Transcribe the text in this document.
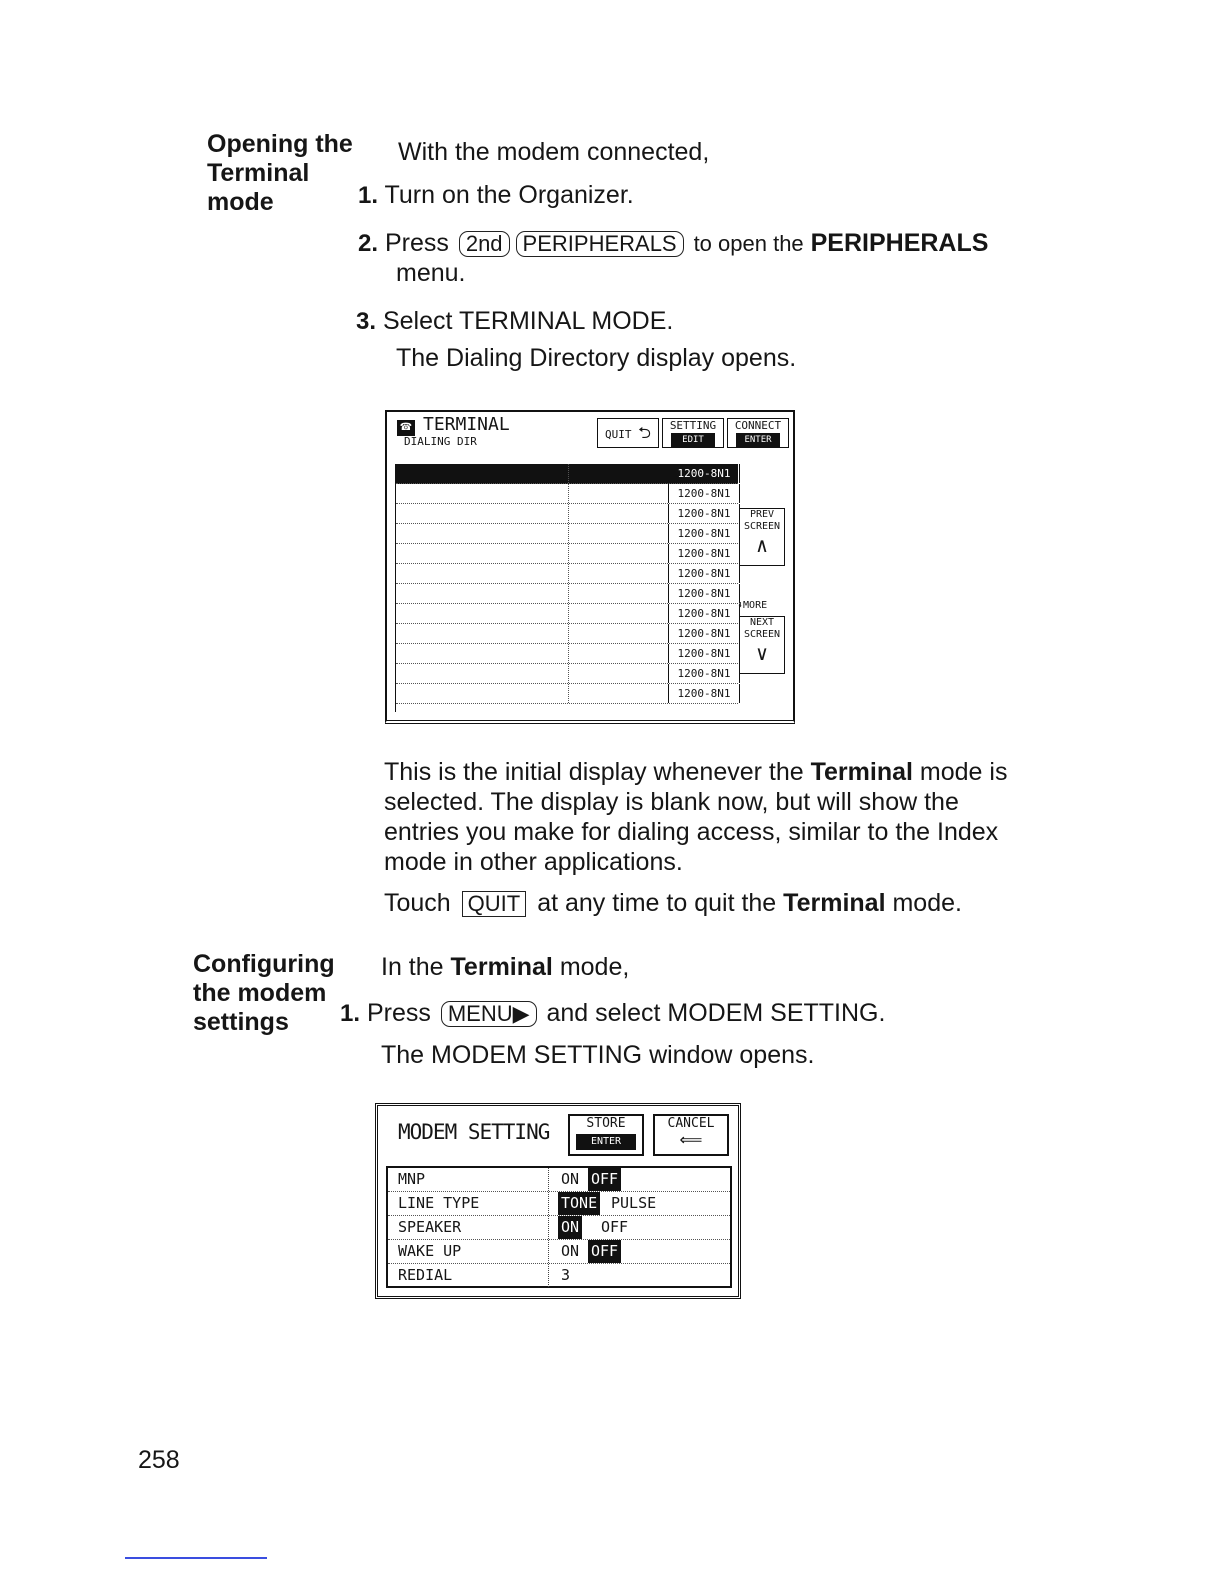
Opening the
Terminal
mode
With the modem connected,
1. Turn on the Organizer.
2. Press 2nd PERIPHERALS to open the PERIPHERALS
menu.
3. Select TERMINAL MODE.
The Dialing Directory display opens.
☎ TERMINAL
DIALING DIR
QUIT ⮌	SETTING
EDIT
CONNECT
ENTER
1200-8N1
1200-8N1
1200-8N1
1200-8N1
1200-8N1
1200-8N1
1200-8N1
1200-8N1
1200-8N1
1200-8N1
1200-8N1
1200-8N1
PREV
SCREEN
∧
⬇MORE
NEXT
SCREEN
∨
This is the initial display whenever the Terminal mode is
selected. The display is blank now, but will show the
entries you make for dialing access, similar to the Index
mode in other applications.
Touch QUIT at any time to quit the Terminal mode.
Configuring
the modem
settings
In the Terminal mode,
1. Press MENU▶ and select MODEM SETTING.
The MODEM SETTING window opens.
MODEM SETTING	STORE
ENTER
CANCEL
⟸
MNP	ON OFF
LINE TYPE	TONE PULSE
SPEAKER	ON OFF
WAKE UP	ON OFF
REDIAL	3
258
